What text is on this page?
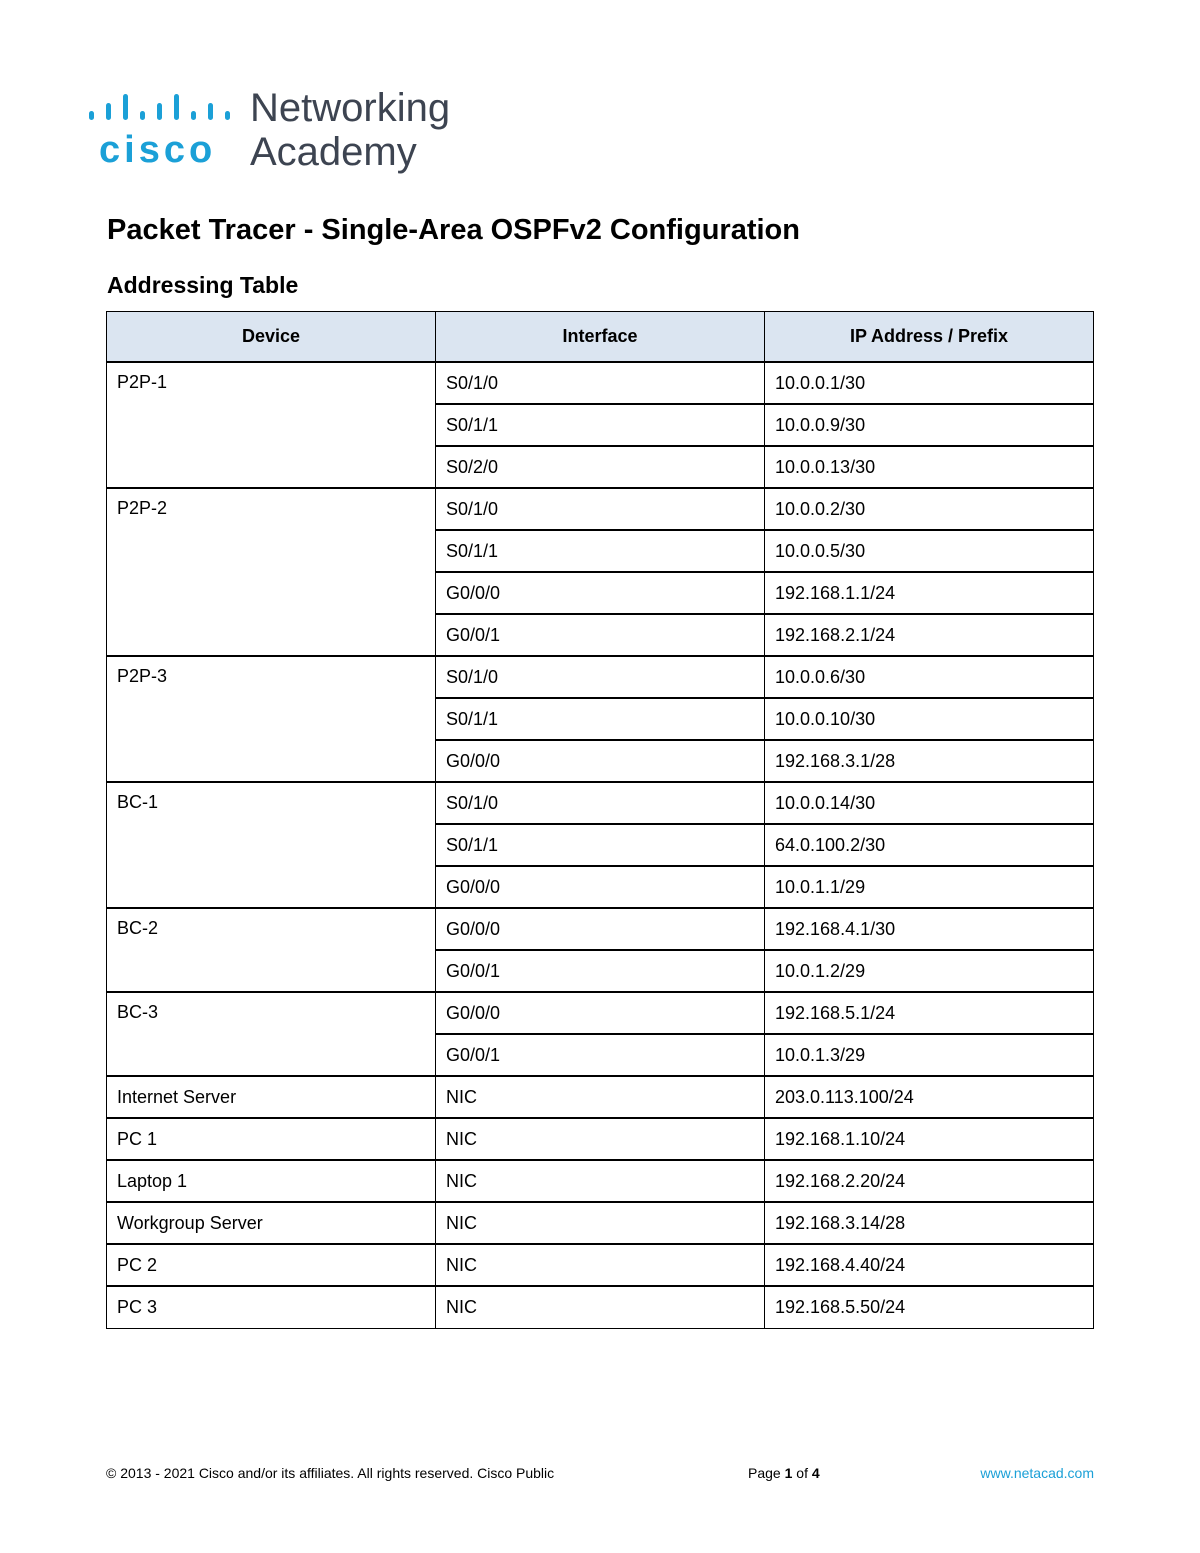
cisco
Networking
Academy
Packet Tracer - Single-Area OSPFv2 Configuration
Addressing Table
Device	Interface	IP Address / Prefix
P2P-1	S0/1/0	10.0.0.1/30
	S0/1/1	10.0.0.9/30
	S0/2/0	10.0.0.13/30
P2P-2	S0/1/0	10.0.0.2/30
	S0/1/1	10.0.0.5/30
	G0/0/0	192.168.1.1/24
	G0/0/1	192.168.2.1/24
P2P-3	S0/1/0	10.0.0.6/30
	S0/1/1	10.0.0.10/30
	G0/0/0	192.168.3.1/28
BC-1	S0/1/0	10.0.0.14/30
	S0/1/1	64.0.100.2/30
	G0/0/0	10.0.1.1/29
BC-2	G0/0/0	192.168.4.1/30
	G0/0/1	10.0.1.2/29
BC-3	G0/0/0	192.168.5.1/24
	G0/0/1	10.0.1.3/29
Internet Server	NIC	203.0.113.100/24
PC 1	NIC	192.168.1.10/24
Laptop 1	NIC	192.168.2.20/24
Workgroup Server	NIC	192.168.3.14/28
PC 2	NIC	192.168.4.40/24
PC 3	NIC	192.168.5.50/24
© 2013 - 2021 Cisco and/or its affiliates. All rights reserved. Cisco Public	Page 1 of 4	www.netacad.com
